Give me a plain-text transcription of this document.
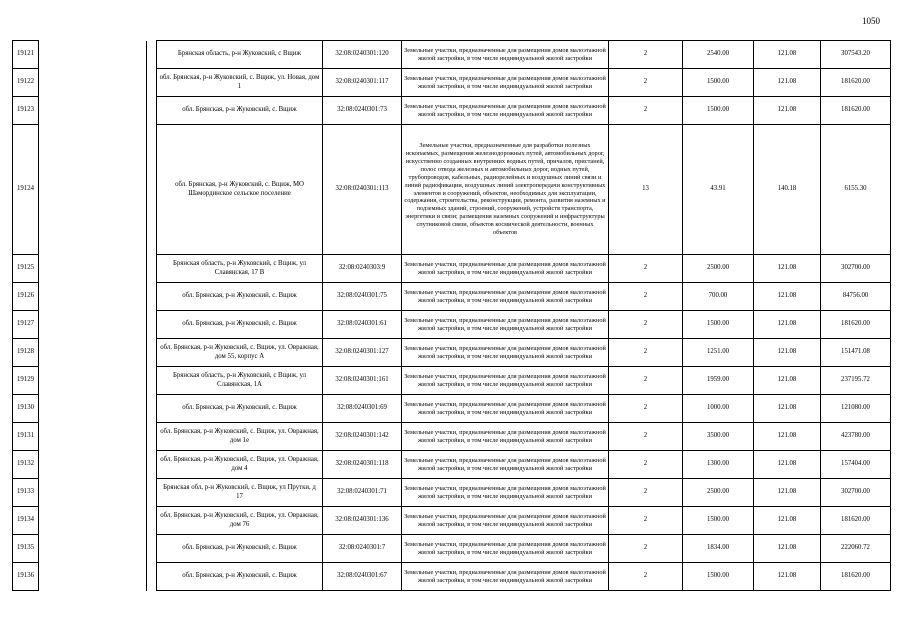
1050
19121			Брянская область, р-н Жуковский, с Вщиж	32:08:0240301:120	Земельные участки, предназначенные для размещения домов малоэтажной жилой застройки, в том числе индивидуальной жилой застройки	2	2540.00	121.08	307543.20
19122			обл. Брянская, р-н Жуковский, с. Вщиж, ул. Новая, дом 1	32:08:0240301:117	Земельные участки, предназначенные для размещения домов малоэтажной жилой застройки, в том числе индивидуальной жилой застройки	2	1500.00	121.08	181620.00
19123			обл. Брянская, р-н Жуковский, с. Вщиж	32:08:0240301:73	Земельные участки, предназначенные для размещения домов малоэтажной жилой застройки, в том числе индивидуальной жилой застройки	2	1500.00	121.08	181620.00
19124			обл. Брянская, р-н Жуковский, с. Вщиж, МО Шамординское сельское поселение	32:08:0240301:113	Земельные участки, предназначенные для разработки полезных ископаемых, размещения железнодорожных путей, автомобильных дорог, искусственно созданных внутренних водных путей, причалов, пристаней, полос отвода железных и автомобильных дорог, водных путей, трубопроводов, кабельных, радиорелейных и воздушных линий связи и линий радиофикации, воздушных линий электропередачи конструктивных элементов и сооружений, объектов, необходимых для эксплуатации, содержания, строительства, реконструкции, ремонта, развития наземных и подземных зданий, строений, сооружений, устройств транспорта, энергетики и связи; размещения наземных сооружений и инфраструктуры спутниковой связи, объектов космической деятельности, военных объектов	13	43.91	140.18	6155.30
19125			Брянская область, р-н Жуковский, с Вщиж, ул Славянская, 17 В	32:08:0240303:9	Земельные участки, предназначенные для размещения домов малоэтажной жилой застройки, в том числе индивидуальной жилой застройки	2	2500.00	121.08	302700.00
19126			обл. Брянская, р-н Жуковский, с. Вщиж	32:08:0240301:75	Земельные участки, предназначенные для размещения домов малоэтажной жилой застройки, в том числе индивидуальной жилой застройки	2	700.00	121.08	84756.00
19127			обл. Брянская, р-н Жуковский, с. Вщиж	32:08:0240301:61	Земельные участки, предназначенные для размещения домов малоэтажной жилой застройки, в том числе индивидуальной жилой застройки	2	1500.00	121.08	181620.00
19128			обл. Брянская, р-н Жуковский, с. Вщиж, ул. Овражная, дом 55, корпус А	32:08:0240301:127	Земельные участки, предназначенные для размещения домов малоэтажной жилой застройки, в том числе индивидуальной жилой застройки	2	1251.00	121.08	151471.08
19129			Брянская область, р-н Жуковский, с Вщиж, ул Славянская, 1А	32:08:0240301:161	Земельные участки, предназначенные для размещения домов малоэтажной жилой застройки, в том числе индивидуальной жилой застройки	2	1959.00	121.08	237195.72
19130			обл. Брянская, р-н Жуковский, с. Вщиж	32:08:0240301:69	Земельные участки, предназначенные для размещения домов малоэтажной жилой застройки, в том числе индивидуальной жилой застройки	2	1000.00	121.08	121080.00
19131			обл. Брянская, р-н Жуковский, с. Вщиж, ул. Овражная, дом 1е	32:08:0240301:142	Земельные участки, предназначенные для размещения домов малоэтажной жилой застройки, в том числе индивидуальной жилой застройки	2	3500.00	121.08	423780.00
19132			обл. Брянская, р-н Жуковский, с. Вщиж, ул. Овражная, дом 4	32:08:0240301:118	Земельные участки, предназначенные для размещения домов малоэтажной жилой застройки, в том числе индивидуальной жилой застройки	2	1300.00	121.08	157404.00
19133			Брянская обл, р-н Жуковский, с. Вщиж, ул Прутки, д 17	32:08:0240301:71	Земельные участки, предназначенные для размещения домов малоэтажной жилой застройки, в том числе индивидуальной жилой застройки	2	2500.00	121.08	302700.00
19134			обл. Брянская, р-н Жуковский, с. Вщиж, ул. Овражная, дом 76	32:08:0240301:136	Земельные участки, предназначенные для размещения домов малоэтажной жилой застройки, в том числе индивидуальной жилой застройки	2	1500.00	121.08	181620.00
19135			обл. Брянская, р-н Жуковский, с. Вщиж	32:08:0240301:7	Земельные участки, предназначенные для размещения домов малоэтажной жилой застройки, в том числе индивидуальной жилой застройки	2	1834.00	121.08	222060.72
19136			обл. Брянская, р-н Жуковский, с. Вщиж	32:08:0240301:67	Земельные участки, предназначенные для размещения домов малоэтажной жилой застройки, в том числе индивидуальной жилой застройки	2	1500.00	121.08	181620.00
